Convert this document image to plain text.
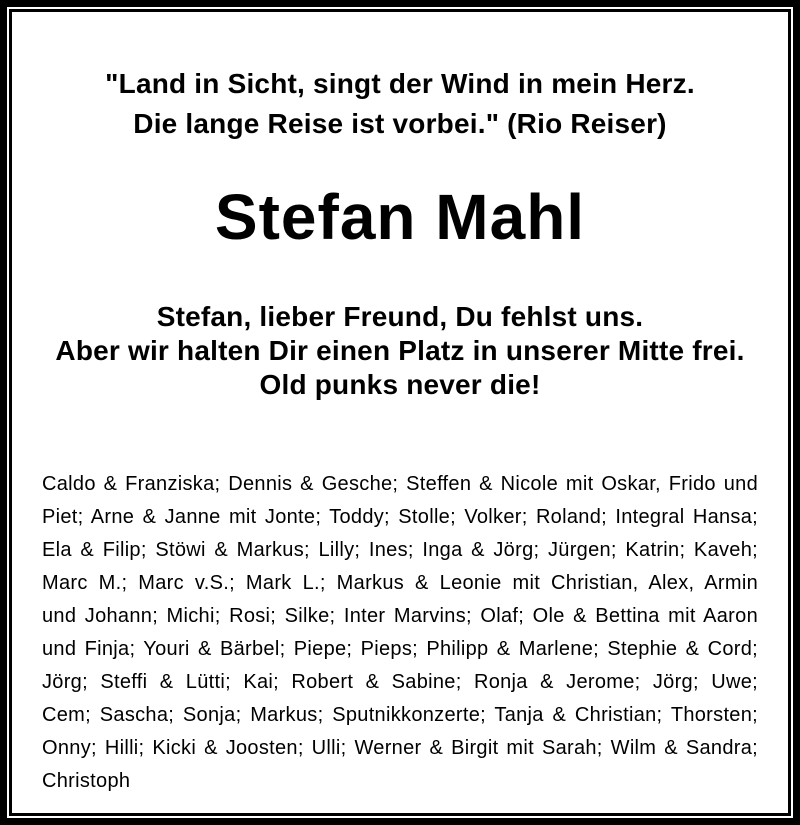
"Land in Sicht, singt der Wind in mein Herz.
Die lange Reise ist vorbei." (Rio Reiser)
Stefan Mahl
Stefan, lieber Freund, Du fehlst uns.
Aber wir halten Dir einen Platz in unserer Mitte frei.
Old punks never die!

Caldo & Franziska; Dennis & Gesche; Steffen & Nicole mit Oskar, Frido und Piet; Arne & Janne mit Jonte; Toddy; Stolle; Volker; Roland; Integral Hansa; Ela & Filip; Stöwi & Markus; Lilly; Ines; Inga & Jörg; Jürgen; Katrin; Kaveh; Marc M.; Marc v.S.; Mark L.; Markus & Leonie mit Christian, Alex, Armin und Johann; Michi; Rosi; Silke; Inter Marvins; Olaf; Ole & Bettina mit Aaron und Finja; Youri & Bärbel; Piepe; Pieps; Philipp & Marlene; Stephie & Cord; Jörg; Steffi & Lütti; Kai; Robert & Sabine; Ronja & Jerome; Jörg; Uwe; Cem; Sascha; Sonja; Markus; Sputnikkonzerte; Tanja & Christian; Thorsten; Onny; Hilli; Kicki & Joosten; Ulli; Werner & Birgit mit Sarah; Wilm & Sandra; Christoph
